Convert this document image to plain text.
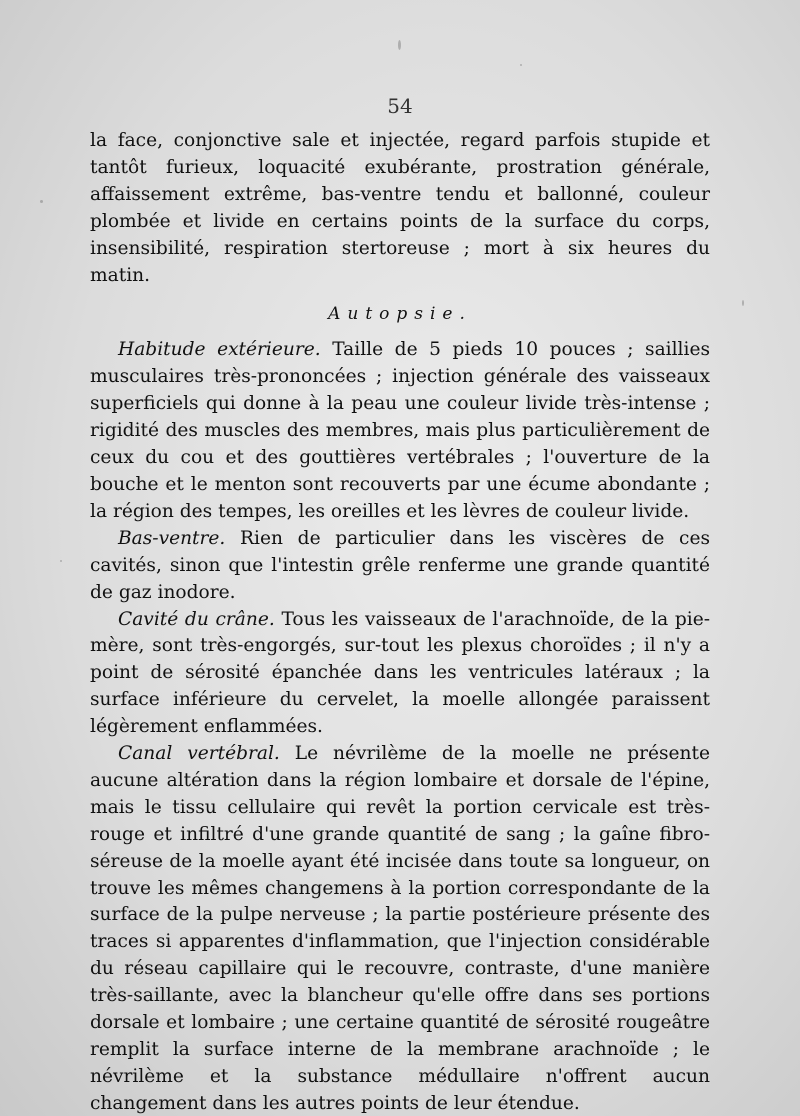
54

la face, conjonctive sale et injectée, regard parfois stupide et tantôt furieux, loquacité exubérante, prostration générale, affaissement extrême, bas-ventre tendu et ballonné, couleur plombée et livide en certains points de la surface du corps, insensibilité, respiration stertoreuse ; mort à six heures du matin.

Autopsie.

Habitude extérieure. Taille de 5 pieds 10 pouces ; saillies musculaires très-prononcées ; injection générale des vaisseaux superficiels qui donne à la peau une couleur livide très-intense ; rigidité des muscles des membres, mais plus particulièrement de ceux du cou et des gouttières vertébrales ; l'ouverture de la bouche et le menton sont recouverts par une écume abondante ; la région des tempes, les oreilles et les lèvres de couleur livide.

Bas-ventre. Rien de particulier dans les viscères de ces cavités, sinon que l'intestin grêle renferme une grande quantité de gaz inodore.

Cavité du crâne. Tous les vaisseaux de l'arachnoïde, de la pie-mère, sont très-engorgés, sur-tout les plexus choroïdes ; il n'y a point de sérosité épanchée dans les ventricules latéraux ; la surface inférieure du cervelet, la moelle allongée paraissent légèrement enflammées.

Canal vertébral. Le névrilème de la moelle ne présente aucune altération dans la région lombaire et dorsale de l'épine, mais le tissu cellulaire qui revêt la portion cervicale est très-rouge et infiltré d'une grande quantité de sang ; la gaîne fibro-séreuse de la moelle ayant été incisée dans toute sa longueur, on trouve les mêmes changemens à la portion correspondante de la surface de la pulpe nerveuse ; la partie postérieure présente des traces si apparentes d'inflammation, que l'injection considérable du réseau capillaire qui le recouvre, contraste, d'une manière très-saillante, avec la blancheur qu'elle offre dans ses portions dorsale et lombaire ; une certaine quantité de sérosité rougeâtre remplit la surface interne de la membrane arachnoïde ; le névrilème et la substance médullaire n'offrent aucun changement dans les autres points de leur étendue.
